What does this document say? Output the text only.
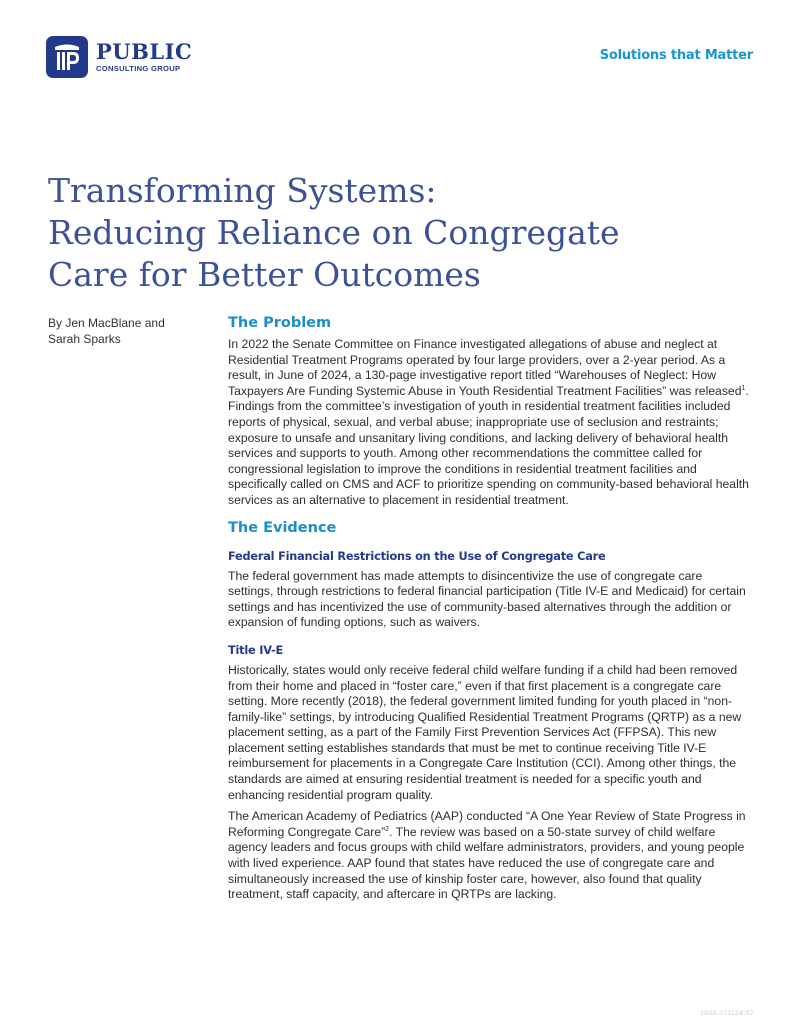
PUBLIC
CONSULTING GROUP
Solutions that Matter
Transforming Systems:
Reducing Reliance on Congregate
Care for Better Outcomes
By Jen MacBlane and
Sarah Sparks
The Problem

In 2022 the Senate Committee on Finance investigated allegations of abuse and neglect at Residential Treatment Programs operated by four large providers, over a 2-year period. As a result, in June of 2024, a 130-page investigative report titled “Warehouses of Neglect: How Taxpayers Are Funding Systemic Abuse in Youth Residential Treatment Facilities” was released$^1$. Findings from the committee’s investigation of youth in residential treatment facilities included reports of physical, sexual, and verbal abuse; inappropriate use of seclusion and restraints; exposure to unsafe and unsanitary living conditions, and lacking delivery of behavioral health services and supports to youth. Among other recommendations the committee called for congressional legislation to improve the conditions in residential treatment facilities and specifically called on CMS and ACF to prioritize spending on community-based behavioral health services as an alternative to placement in residential treatment.

The Evidence
Federal Financial Restrictions on the Use of Congregate Care

The federal government has made attempts to disincentivize the use of congregate care settings, through restrictions to federal financial participation (Title IV-E and Medicaid) for certain settings and has incentivized the use of community-based alternatives through the addition or expansion of funding options, such as waivers.

Title IV-E

Historically, states would only receive federal child welfare funding if a child had been removed from their home and placed in “foster care,” even if that first placement is a congregate care setting. More recently (2018), the federal government limited funding for youth placed in “non-family-like” settings, by introducing Qualified Residential Treatment Programs (QRTP) as a new placement setting, as a part of the Family First Prevention Services Act (FFPSA). This new placement setting establishes standards that must be met to continue receiving Title IV-E reimbursement for placements in a Congregate Care Institution (CCI). Among other things, the standards are aimed at ensuring residential treatment is needed for a specific youth and enhancing residential program quality.

The American Academy of Pediatrics (AAP) conducted “A One Year Review of State Progress in Reforming Congregate Care”$^2$. The review was based on a 50-state survey of child welfare agency leaders and focus groups with child welfare administrators, providers, and young people with lived experience. AAP found that states have reduced the use of congregate care and simultaneously increased the use of kinship foster care, however, also found that quality treatment, staff capacity, and aftercare in QRTPs are lacking.

1508-271124:07
